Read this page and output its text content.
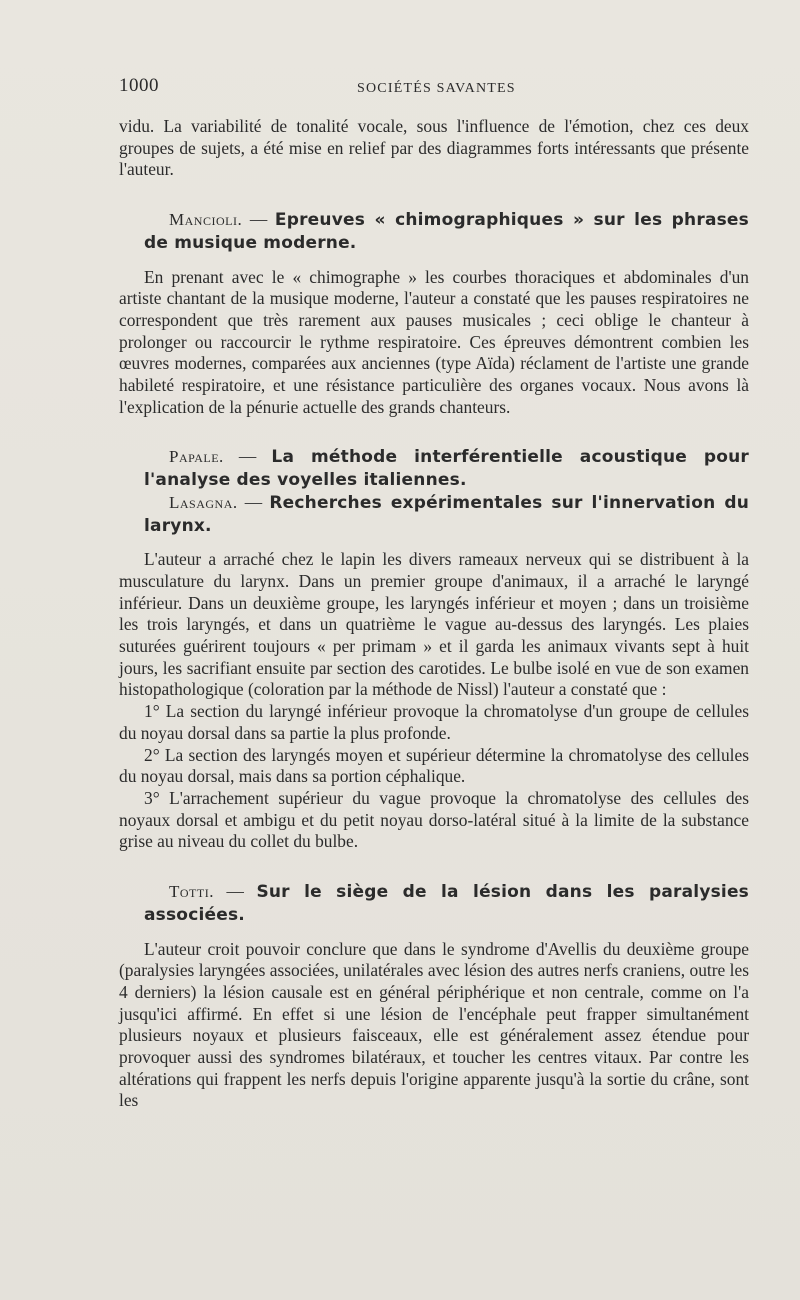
1000	SOCIÉTÉS SAVANTES

vidu. La variabilité de tonalité vocale, sous l'influence de l'émotion, chez ces deux groupes de sujets, a été mise en relief par des diagrammes forts intéressants que présente l'auteur.

Mancioli. — Epreuves « chimographiques » sur les phrases de musique moderne.

En prenant avec le « chimographe » les courbes thoraciques et abdominales d'un artiste chantant de la musique moderne, l'auteur a constaté que les pauses respiratoires ne correspondent que très rarement aux pauses musicales ; ceci oblige le chanteur à prolonger ou raccourcir le rythme respiratoire. Ces épreuves démontrent combien les œuvres modernes, comparées aux anciennes (type Aïda) réclament de l'artiste une grande habileté respiratoire, et une résistance particulière des organes vocaux. Nous avons là l'explication de la pénurie actuelle des grands chanteurs.

Papale. — La méthode interférentielle acoustique pour l'analyse des voyelles italiennes.

Lasagna. — Recherches expérimentales sur l'innervation du larynx.

L'auteur a arraché chez le lapin les divers rameaux nerveux qui se distribuent à la musculature du larynx. Dans un premier groupe d'animaux, il a arraché le laryngé inférieur. Dans un deuxième groupe, les laryngés inférieur et moyen ; dans un troisième les trois laryngés, et dans un quatrième le vague au-dessus des laryngés. Les plaies suturées guérirent toujours « per primam » et il garda les animaux vivants sept à huit jours, les sacrifiant ensuite par section des carotides. Le bulbe isolé en vue de son examen histopathologique (coloration par la méthode de Nissl) l'auteur a constaté que :

1° La section du laryngé inférieur provoque la chromatolyse d'un groupe de cellules du noyau dorsal dans sa partie la plus profonde.

2° La section des laryngés moyen et supérieur détermine la chromatolyse des cellules du noyau dorsal, mais dans sa portion céphalique.

3° L'arrachement supérieur du vague provoque la chromatolyse des cellules des noyaux dorsal et ambigu et du petit noyau dorso-latéral situé à la limite de la substance grise au niveau du collet du bulbe.

Totti. — Sur le siège de la lésion dans les paralysies associées.

L'auteur croit pouvoir conclure que dans le syndrome d'Avellis du deuxième groupe (paralysies laryngées associées, unilatérales avec lésion des autres nerfs craniens, outre les 4 derniers) la lésion causale est en général périphérique et non centrale, comme on l'a jusqu'ici affirmé. En effet si une lésion de l'encéphale peut frapper simultanément plusieurs noyaux et plusieurs faisceaux, elle est généralement assez étendue pour provoquer aussi des syndromes bilatéraux, et toucher les centres vitaux. Par contre les altérations qui frappent les nerfs depuis l'origine apparente jusqu'à la sortie du crâne, sont les
